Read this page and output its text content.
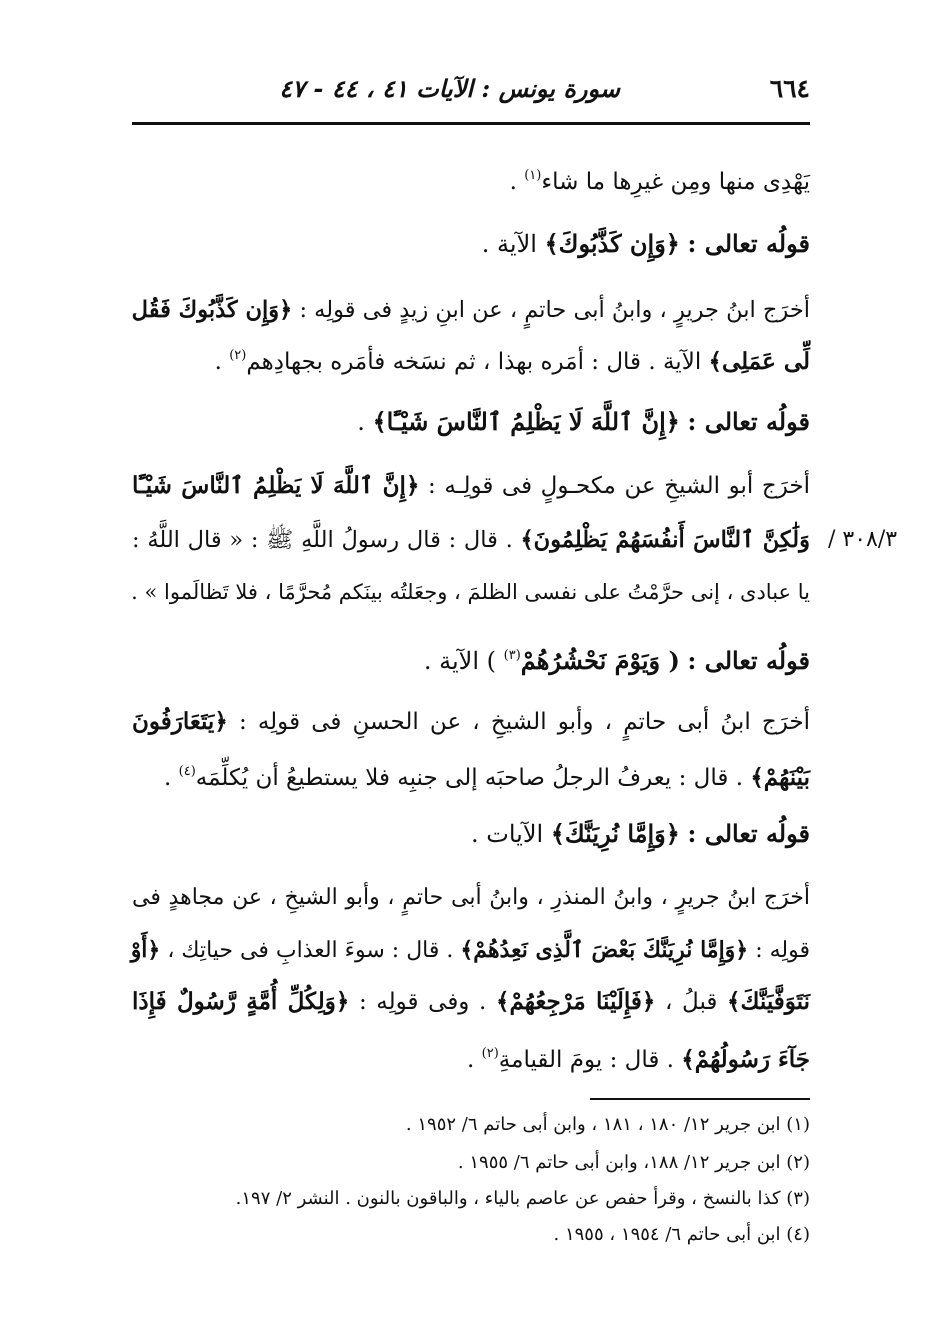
٦٦٤
سورة يونس : الآيات ٤١ ، ٤٤ - ٤٧
يَهْدِى منها ومِن غيرِها ما شاء$^{(١)}$ .
قولُه تعالى : ﴿وَإِن كَذَّبُوكَ﴾ الآية .
أخرَج ابنُ جريرٍ ، وابنُ أبى حاتمٍ ، عن ابنِ زيدٍ فى قولِه : ﴿وَإِن كَذَّبُوكَ فَقُل
لِّى عَمَلِى﴾ الآية . قال : أمَره بهذا ، ثم نسَخه فأمَره بجهادِهم$^{(٢)}$ .
قولُه تعالى : ﴿إِنَّ ٱللَّهَ لَا يَظْلِمُ ٱلنَّاسَ شَيْـًٔا﴾ .
أخرَج أبو الشيخِ عن مكحـولٍ فى قولِـه : ﴿إِنَّ ٱللَّهَ لَا يَظْلِمُ ٱلنَّاسَ شَيْـًٔا
وَلَٰكِنَّ ٱلنَّاسَ أَنفُسَهُمْ يَظْلِمُونَ﴾ . قال : قال رسولُ اللَّهِ ﷺ : « قال اللَّهُ :	٣٠٨/٣ /
يا عبادى ، إنى حرَّمْتُ على نفسى الظلمَ ، وجعَلتُه بينَكم مُحرَّمًا ، فلا تَظالَموا » .
قولُه تعالى : ( وَيَوْمَ نَحْشُرُهُمْ$^{(٣)}$ ) الآية .
أخرَج ابنُ أبى حاتمٍ ، وأبو الشيخِ ، عن الحسنِ فى قولِه : ﴿يَتَعَارَفُونَ
بَيْنَهُمْ﴾ . قال : يعرفُ الرجلُ صاحبَه إلى جنبِه فلا يستطيعُ أن يُكلِّمَه$^{(٤)}$ .
قولُه تعالى : ﴿وَإِمَّا نُرِيَنَّكَ﴾ الآيات .
أخرَج ابنُ جريرٍ ، وابنُ المنذرِ ، وابنُ أبى حاتمٍ ، وأبو الشيخِ ، عن مجاهدٍ فى
قولِه : ﴿وَإِمَّا نُرِيَنَّكَ بَعْضَ ٱلَّذِى نَعِدُهُمْ﴾ . قال : سوءَ العذابِ فى حياتِك ، ﴿أَوْ
نَتَوَفَّيَنَّكَ﴾ قبلُ ، ﴿فَإِلَيْنَا مَرْجِعُهُمْ﴾ . وفى قولِه : ﴿وَلِكُلِّ أُمَّةٍ رَّسُولٌ فَإِذَا
جَآءَ رَسُولُهُمْ﴾ . قال : يومَ القيامةِ$^{(٢)}$ .
(١) ابن جرير ١٢/ ١٨٠ ، ١٨١ ، وابن أبى حاتم ٦/ ١٩٥٢ .
(٢) ابن جرير ١٢/ ١٨٨، وابن أبى حاتم ٦/ ١٩٥٥ .
(٣) كذا بالنسخ ، وقرأ حفص عن عاصم بالياء ، والباقون بالنون . النشر ٢/ ١٩٧.
(٤) ابن أبى حاتم ٦/ ١٩٥٤ ، ١٩٥٥ .
